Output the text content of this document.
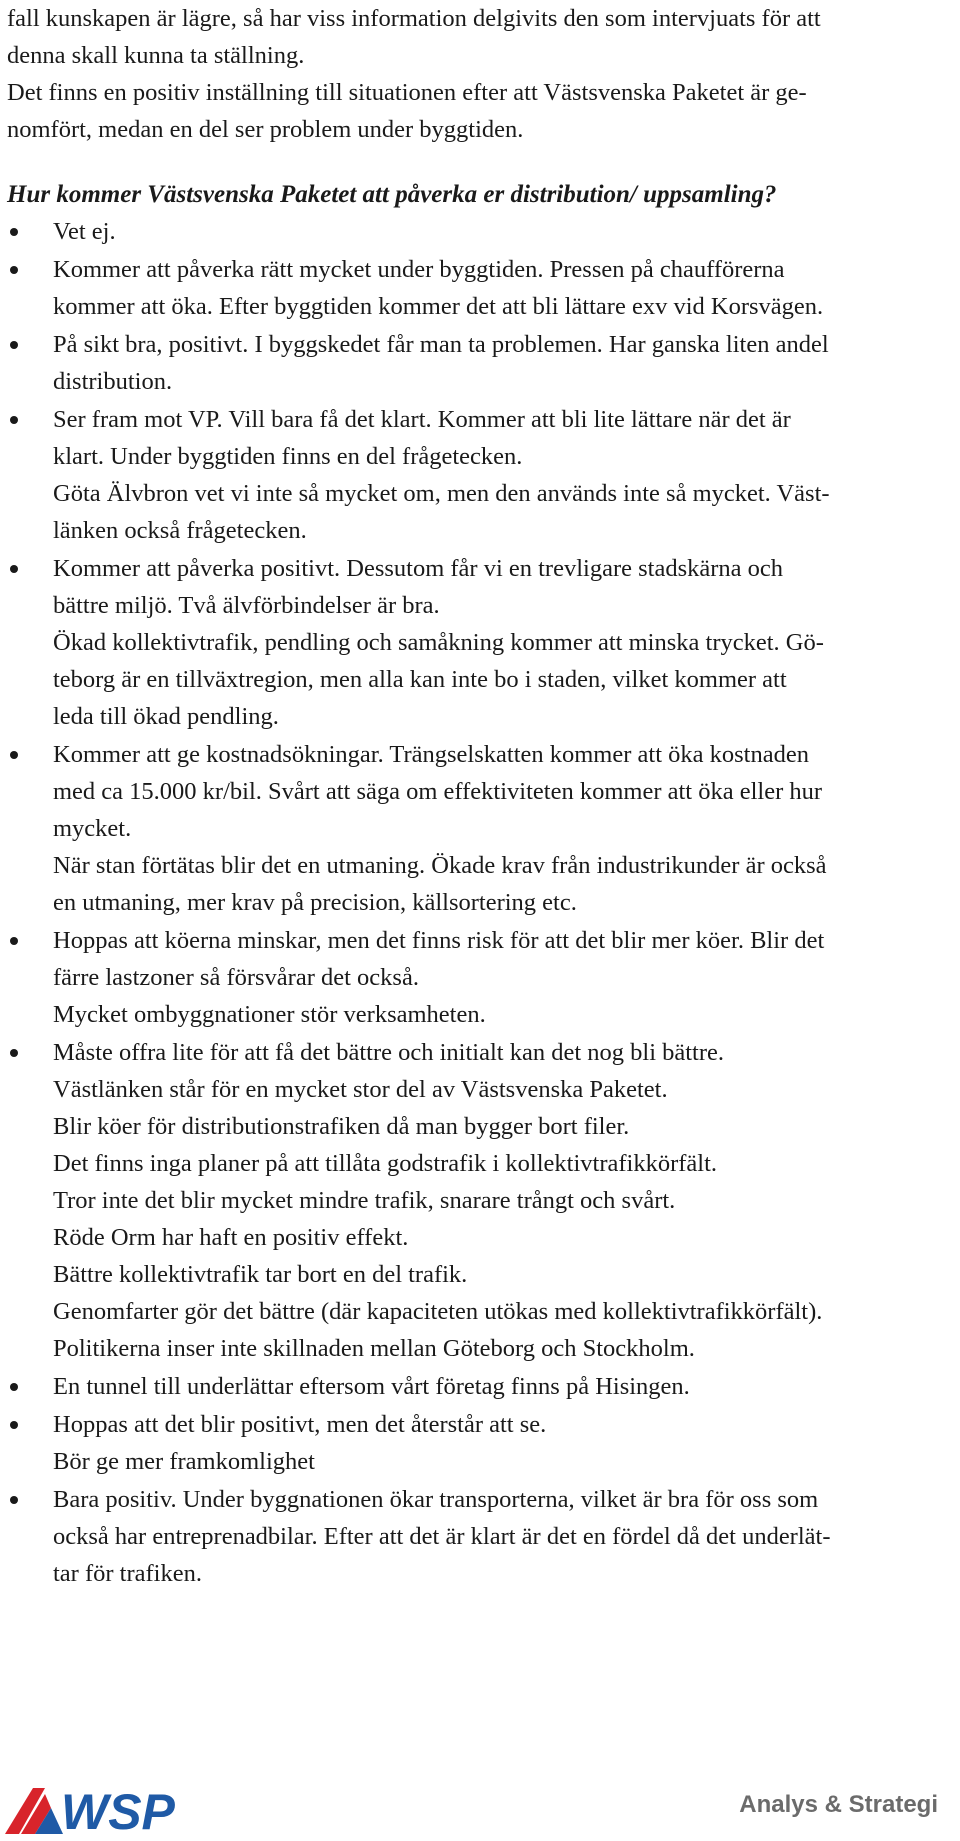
fall kunskapen är lägre, så har viss information delgivits den som intervjuats för att
denna skall kunna ta ställning.
Det finns en positiv inställning till situationen efter att Västsvenska Paketet är ge-
nomfört, medan en del ser problem under byggtiden.
Hur kommer Västsvenska Paketet att påverka er distribution/ uppsamling?
Vet ej.
Kommer att påverka rätt mycket under byggtiden. Pressen på chaufförerna
kommer att öka. Efter byggtiden kommer det att bli lättare exv vid Korsvägen.
På sikt bra, positivt. I byggskedet får man ta problemen. Har ganska liten andel
distribution.
Ser fram mot VP. Vill bara få det klart. Kommer att bli lite lättare när det är
klart. Under byggtiden finns en del frågetecken.
Göta Älvbron vet vi inte så mycket om, men den används inte så mycket. Väst-
länken också frågetecken.
Kommer att påverka positivt. Dessutom får vi en trevligare stadskärna och
bättre miljö. Två älvförbindelser är bra.
Ökad kollektivtrafik, pendling och samåkning kommer att minska trycket. Gö-
teborg är en tillväxtregion, men alla kan inte bo i staden, vilket kommer att
leda till ökad pendling.
Kommer att ge kostnadsökningar. Trängselskatten kommer att öka kostnaden
med ca 15.000 kr/bil. Svårt att säga om effektiviteten kommer att öka eller hur
mycket.
När stan förtätas blir det en utmaning. Ökade krav från industrikunder är också
en utmaning, mer krav på precision, källsortering etc.
Hoppas att köerna minskar, men det finns risk för att det blir mer köer. Blir det
färre lastzoner så försvårar det också.
Mycket ombyggnationer stör verksamheten.
Måste offra lite för att få det bättre och initialt kan det nog bli bättre.
Västlänken står för en mycket stor del av Västsvenska Paketet.
Blir köer för distributionstrafiken då man bygger bort filer.
Det finns inga planer på att tillåta godstrafik i kollektivtrafikkörfält.
Tror inte det blir mycket mindre trafik, snarare trångt och svårt.
Röde Orm har haft en positiv effekt.
Bättre kollektivtrafik tar bort en del trafik.
Genomfarter gör det bättre (där kapaciteten utökas med kollektivtrafikkörfält).
Politikerna inser inte skillnaden mellan Göteborg och Stockholm.
En tunnel till underlättar eftersom vårt företag finns på Hisingen.
Hoppas att det blir positivt, men det återstår att se.
Bör ge mer framkomlighet
Bara positiv. Under byggnationen ökar transporterna, vilket är bra för oss som
också har entreprenadbilar. Efter att det är klart är det en fördel då det underlät-
tar för trafiken.
WSP	Analys & Strategi
